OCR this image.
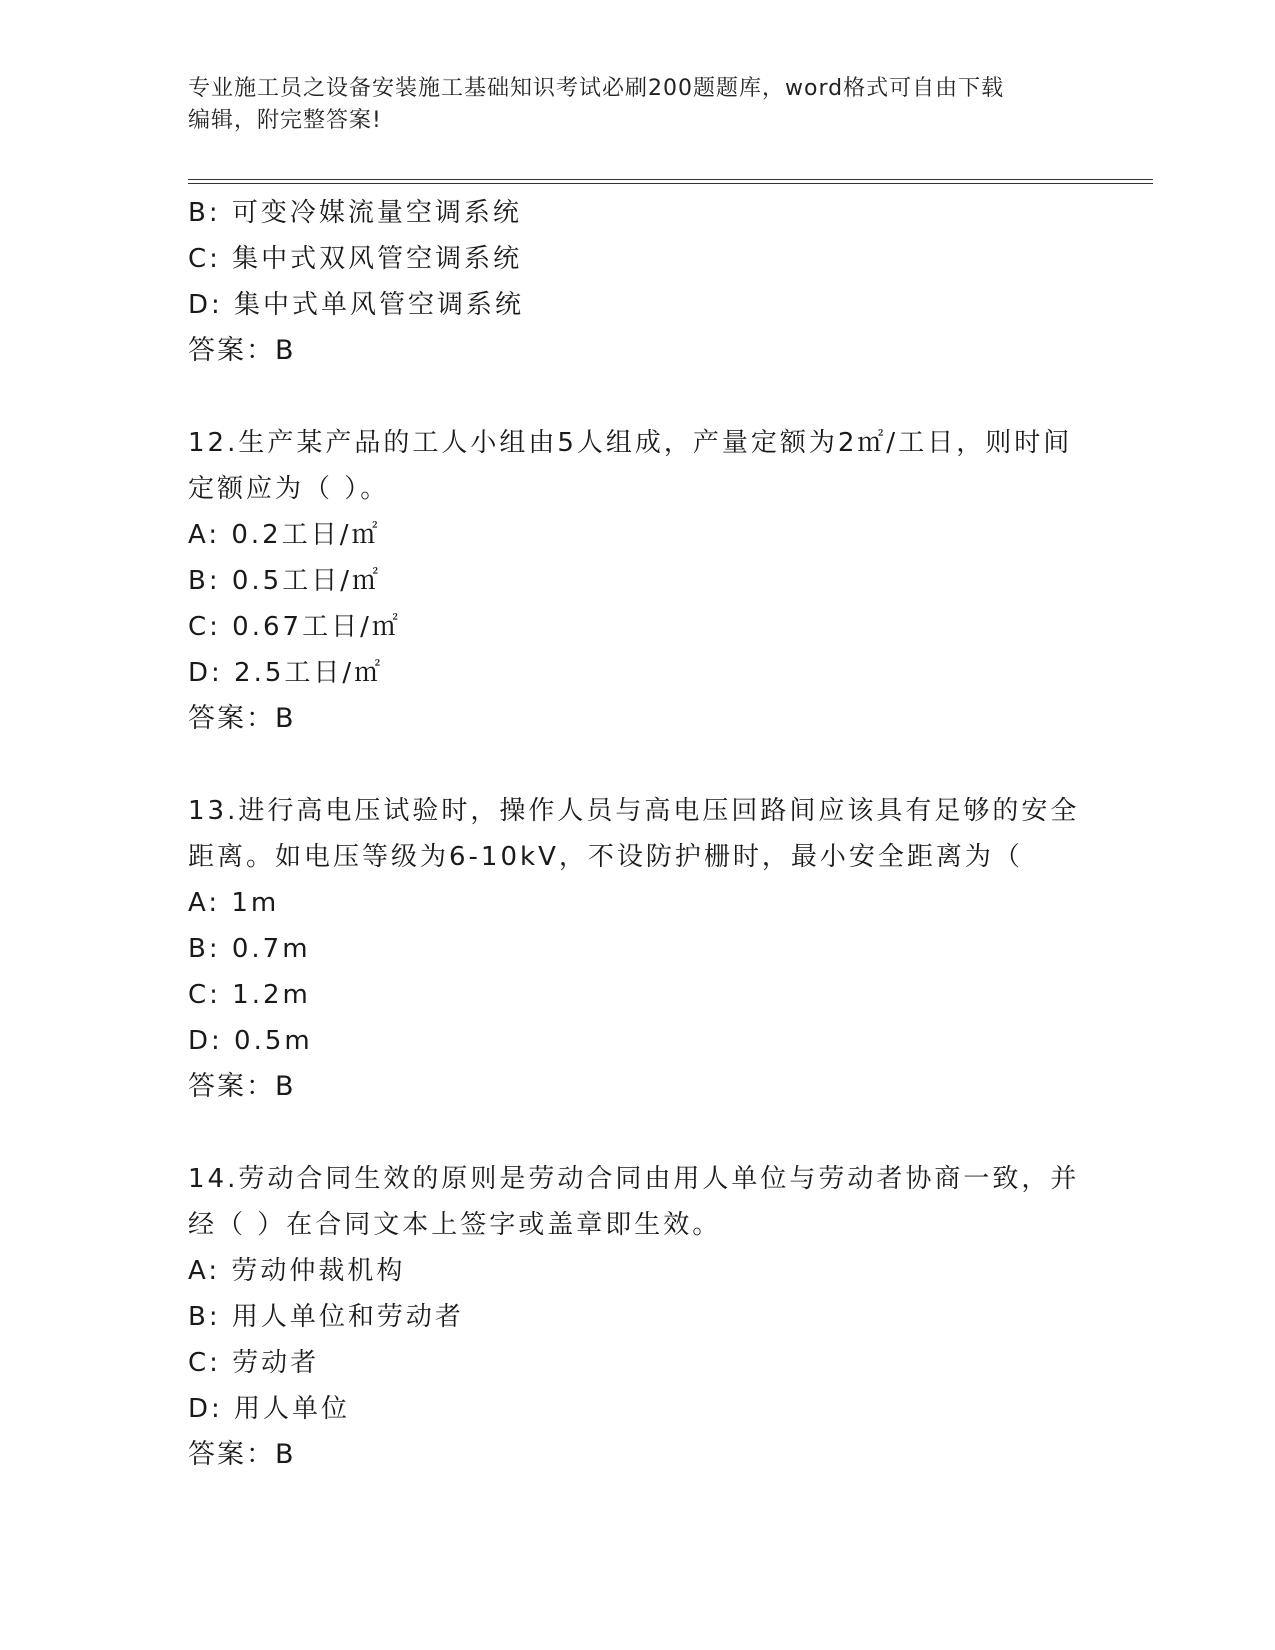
专业施工员之设备安装施工基础知识考试必刷200题题库，word格式可自由下载
编辑，附完整答案!
B: 可变冷媒流量空调系统
C: 集中式双风管空调系统
D: 集中式单风管空调系统
答案：B
12.生产某产品的工人小组由5人组成，产量定额为2㎡/工日，则时间
定额应为（ ）。
A: 0.2工日/㎡
B: 0.5工日/㎡
C: 0.67工日/㎡
D: 2.5工日/㎡
答案：B
13.进行高电压试验时，操作人员与高电压回路间应该具有足够的安全
距离。如电压等级为6-10kV，不设防护栅时，最小安全距离为（
A: 1m
B: 0.7m
C: 1.2m
D: 0.5m
答案：B
14.劳动合同生效的原则是劳动合同由用人单位与劳动者协商一致，并
经（ ）在合同文本上签字或盖章即生效。
A: 劳动仲裁机构
B: 用人单位和劳动者
C: 劳动者
D: 用人单位
答案：B
